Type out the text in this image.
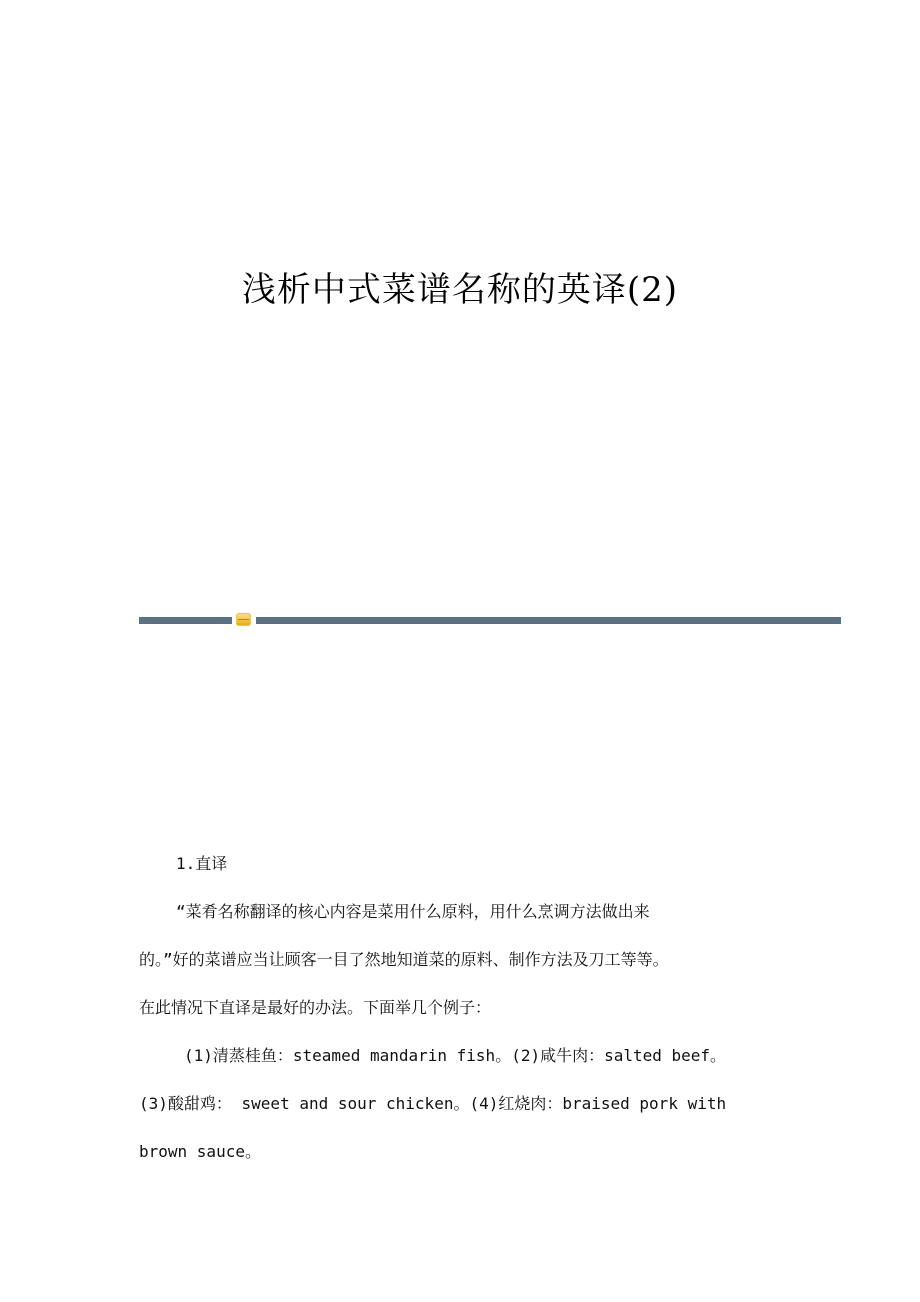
浅析中式菜谱名称的英译(2)
1.直译
“菜肴名称翻译的核心内容是菜用什么原料，用什么烹调方法做出来
的。”好的菜谱应当让顾客一目了然地知道菜的原料、制作方法及刀工等等。
在此情况下直译是最好的办法。下面举几个例子：
(1)清蒸桂鱼：steamed mandarin fish。(2)咸牛肉：salted beef。
(3)酸甜鸡： sweet and sour chicken。(4)红烧肉：braised pork with
brown sauce。
